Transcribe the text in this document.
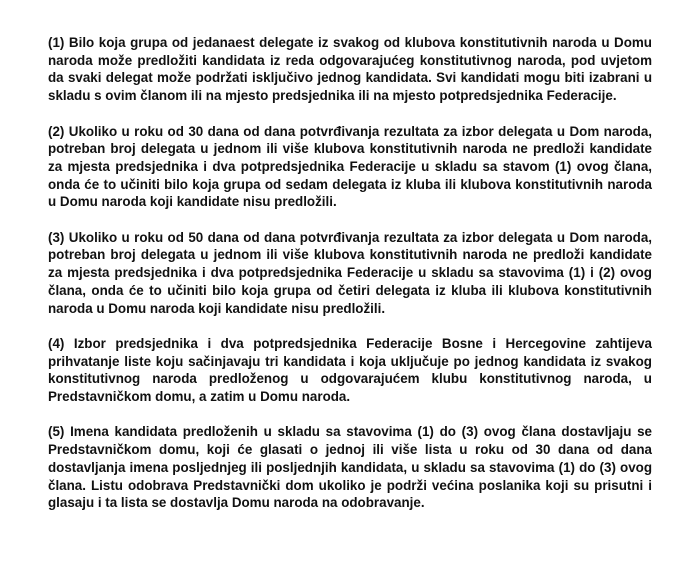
(1) Bilo koja grupa od jedanaest delegate iz svakog od klubova konstitutivnih naroda u Domu naroda može predložiti kandidata iz reda odgovarajućeg konstitutivnog naroda, pod uvjetom da svaki delegat može podržati isključivo jednog kandidata. Svi kandidati mogu biti izabrani u skladu s ovim članom ili na mjesto predsjednika ili na mjesto potpredsjednika Federacije.

(2) Ukoliko u roku od 30 dana od dana potvrđivanja rezultata za izbor delegata u Dom naroda, potreban broj delegata u jednom ili više klubova konstitutivnih naroda ne predloži kandidate za mjesta predsjednika i dva potpredsjednika Federacije u skladu sa stavom (1) ovog člana, onda će to učiniti bilo koja grupa od sedam delegata iz kluba ili klubova konstitutivnih naroda u Domu naroda koji kandidate nisu predložili.

(3) Ukoliko u roku od 50 dana od dana potvrđivanja rezultata za izbor delegata u Dom naroda, potreban broj delegata u jednom ili više klubova konstitutivnih naroda ne predloži kandidate za mjesta predsjednika i dva potpredsjednika Federacije u skladu sa stavovima (1) i (2) ovog člana, onda će to učiniti bilo koja grupa od četiri delegata iz kluba ili klubova konstitutivnih naroda u Domu naroda koji kandidate nisu predložili.

(4) Izbor predsjednika i dva potpredsjednika Federacije Bosne i Hercegovine zahtijeva prihvatanje liste koju sačinjavaju tri kandidata i koja uključuje po jednog kandidata iz svakog konstitutivnog naroda predloženog u odgovarajućem klubu konstitutivnog naroda, u Predstavničkom domu, a zatim u Domu naroda.

(5) Imena kandidata predloženih u skladu sa stavovima (1) do (3) ovog člana dostavljaju se Predstavničkom domu, koji će glasati o jednoj ili više lista u roku od 30 dana od dana dostavljanja imena posljednjeg ili posljednjih kandidata, u skladu sa stavovima (1) do (3) ovog člana. Listu odobrava Predstavnički dom ukoliko je podrži većina poslanika koji su prisutni i glasaju i ta lista se dostavlja Domu naroda na odobravanje.
